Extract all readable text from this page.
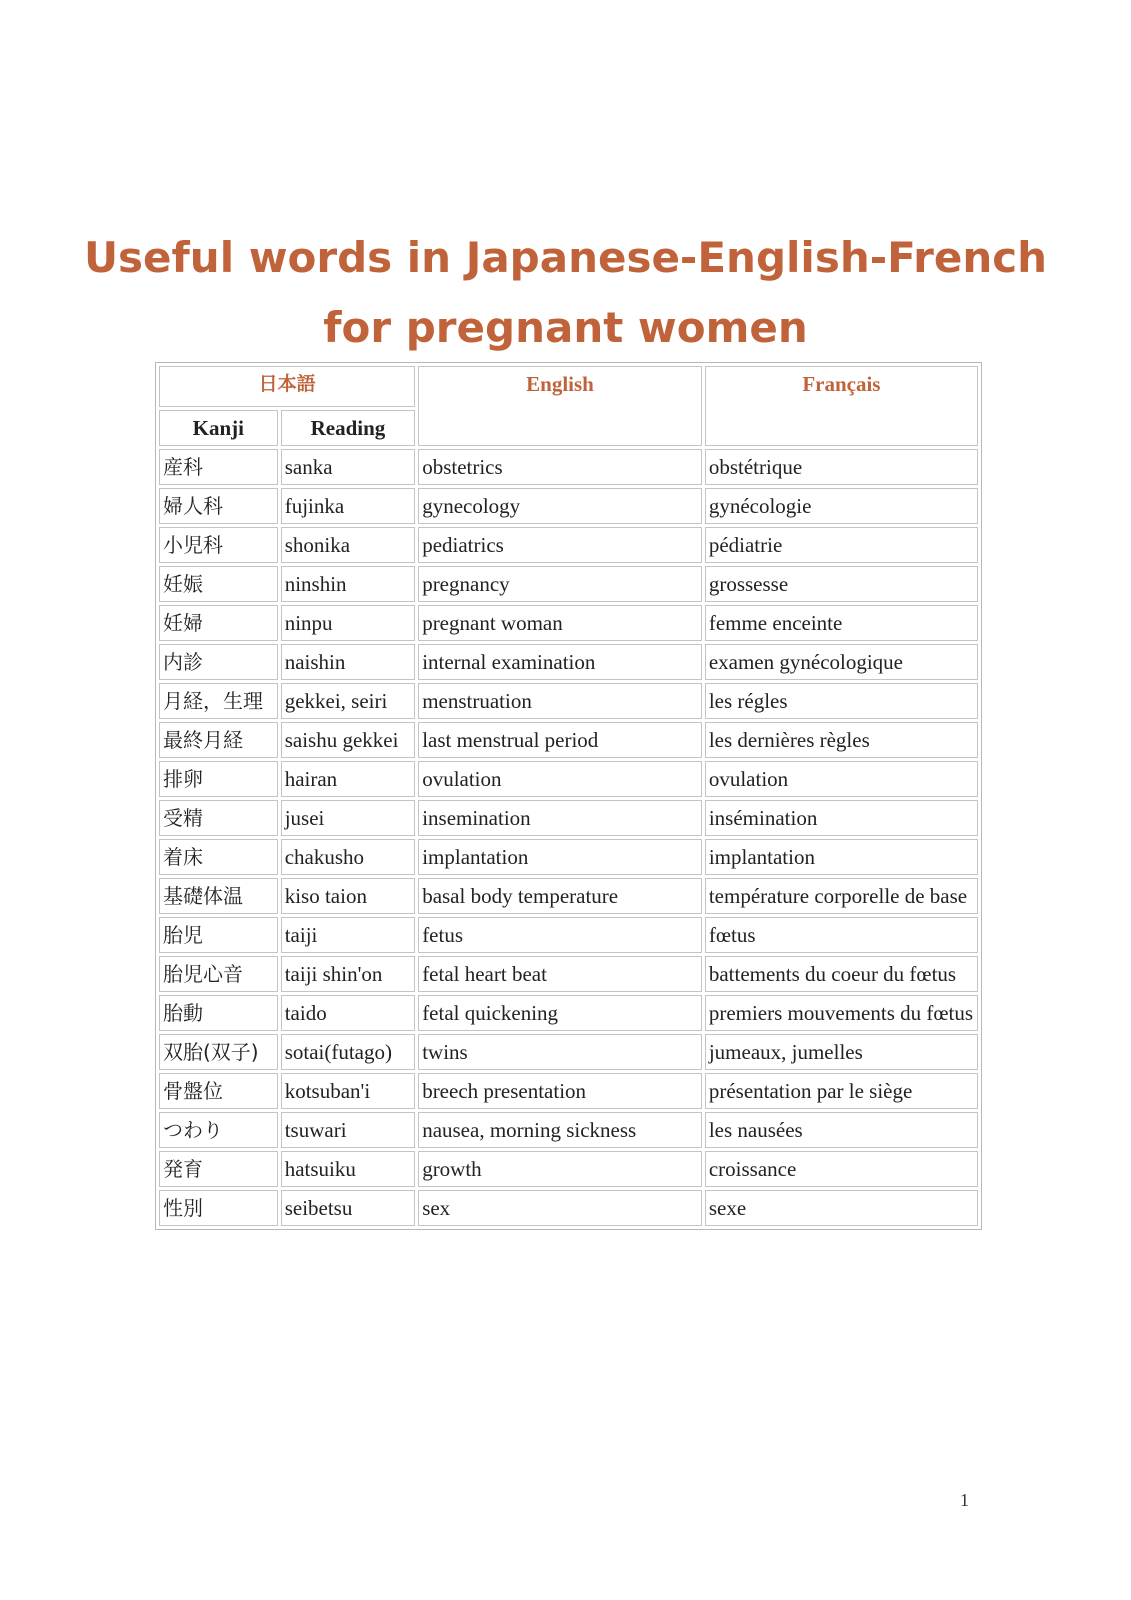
Useful words in Japanese-English-French
for pregnant women
日本語		English	Français
Kanji	Reading		
産科	sanka	obstetrics	obstétrique
婦人科	fujinka	gynecology	gynécologie
小児科	shonika	pediatrics	pédiatrie
妊娠	ninshin	pregnancy	grossesse
妊婦	ninpu	pregnant woman	femme enceinte
内診	naishin	internal examination	examen gynécologique
月経，生理	gekkei, seiri	menstruation	les régles
最終月経	saishu gekkei	last menstrual period	les dernières règles
排卵	hairan	ovulation	ovulation
受精	jusei	insemination	insémination
着床	chakusho	implantation	implantation
基礎体温	kiso taion	basal body temperature	température corporelle de base
胎児	taiji	fetus	fœtus
胎児心音	taiji shin'on	fetal heart beat	battements du coeur du fœtus
胎動	taido	fetal quickening	premiers mouvements du fœtus
双胎(双子)	sotai(futago)	twins	jumeaux, jumelles
骨盤位	kotsuban'i	breech presentation	présentation par le siège
つわり	tsuwari	nausea, morning sickness	les nausées
発育	hatsuiku	growth	croissance
性別	seibetsu	sex	sexe
1
